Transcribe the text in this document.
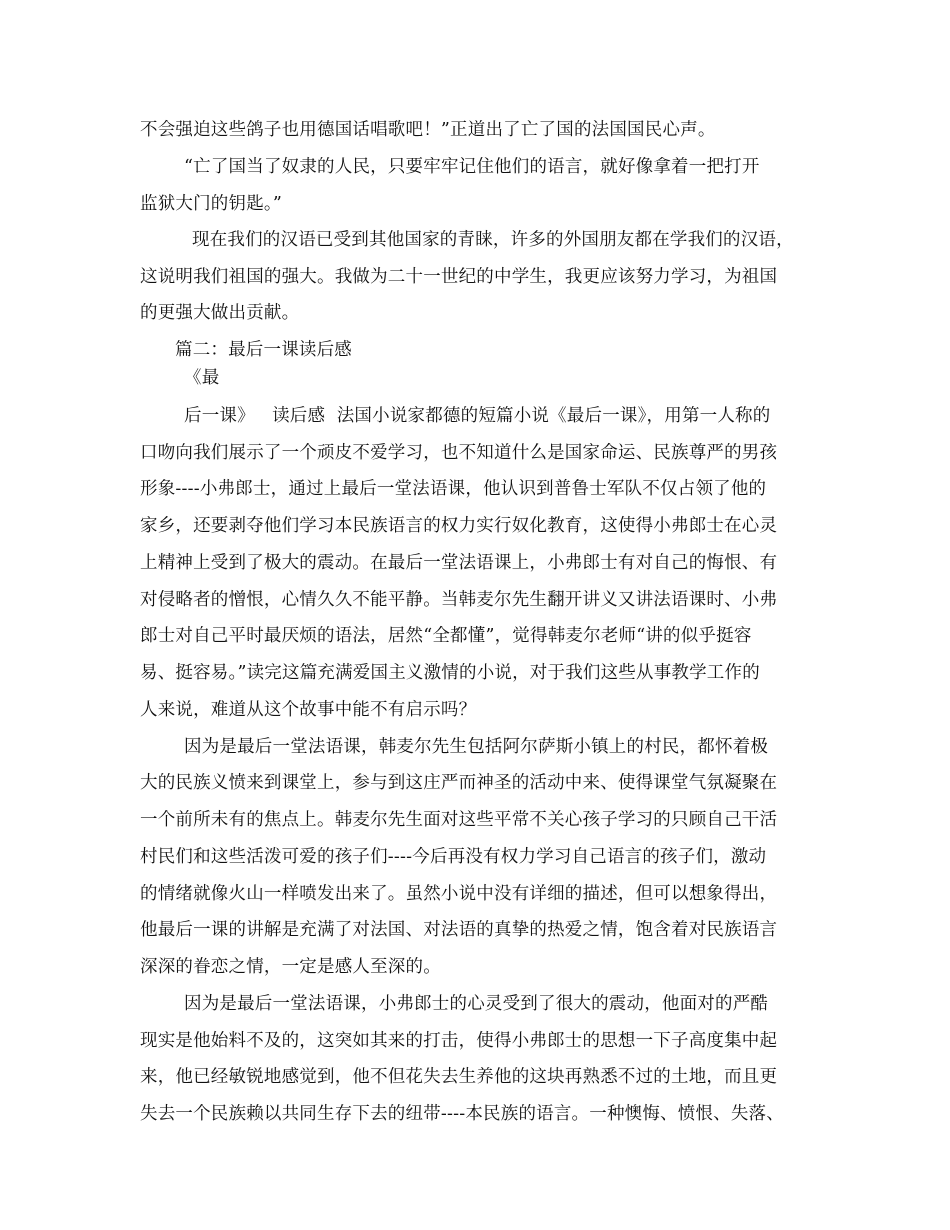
不会强迫这些鸽子也用德国话唱歌吧！”正道出了亡了国的法国国民心声。
“亡了国当了奴隶的人民，只要牢牢记住他们的语言，就好像拿着一把打开
监狱大门的钥匙。”
现在我们的汉语已受到其他国家的青睐，许多的外国朋友都在学我们的汉语，
这说明我们祖国的强大。我做为二十一世纪的中学生，我更应该努力学习，为祖国
的更强大做出贡献。
篇二：最后一课读后感
《最
后一课》   读后感  法国小说家都德的短篇小说《最后一课》，用第一人称的
口吻向我们展示了一个顽皮不爱学习，也不知道什么是国家命运、民族尊严的男孩
形象----小弗郎士，通过上最后一堂法语课，他认识到普鲁士军队不仅占领了他的
家乡，还要剥夺他们学习本民族语言的权力实行奴化教育，这使得小弗郎士在心灵
上精神上受到了极大的震动。在最后一堂法语课上，小弗郎士有对自己的悔恨、有
对侵略者的憎恨，心情久久不能平静。当韩麦尔先生翻开讲义又讲法语课时、小弗
郎士对自己平时最厌烦的语法，居然“全都懂”，觉得韩麦尔老师“讲的似乎挺容
易、挺容易。”读完这篇充满爱国主义激情的小说，对于我们这些从事教学工作的
人来说，难道从这个故事中能不有启示吗？
因为是最后一堂法语课，韩麦尔先生包括阿尔萨斯小镇上的村民，都怀着极
大的民族义愤来到课堂上，参与到这庄严而神圣的活动中来、使得课堂气氛凝聚在
一个前所未有的焦点上。韩麦尔先生面对这些平常不关心孩子学习的只顾自己干活
村民们和这些活泼可爱的孩子们----今后再没有权力学习自己语言的孩子们，激动
的情绪就像火山一样喷发出来了。虽然小说中没有详细的描述，但可以想象得出，
他最后一课的讲解是充满了对法国、对法语的真挚的热爱之情，饱含着对民族语言
深深的眷恋之情，一定是感人至深的。
因为是最后一堂法语课，小弗郎士的心灵受到了很大的震动，他面对的严酷
现实是他始料不及的，这突如其来的打击，使得小弗郎士的思想一下子高度集中起
来，他已经敏锐地感觉到，他不但花失去生养他的这块再熟悉不过的土地，而且更
失去一个民族赖以共同生存下去的纽带----本民族的语言。一种懊悔、愤恨、失落、
